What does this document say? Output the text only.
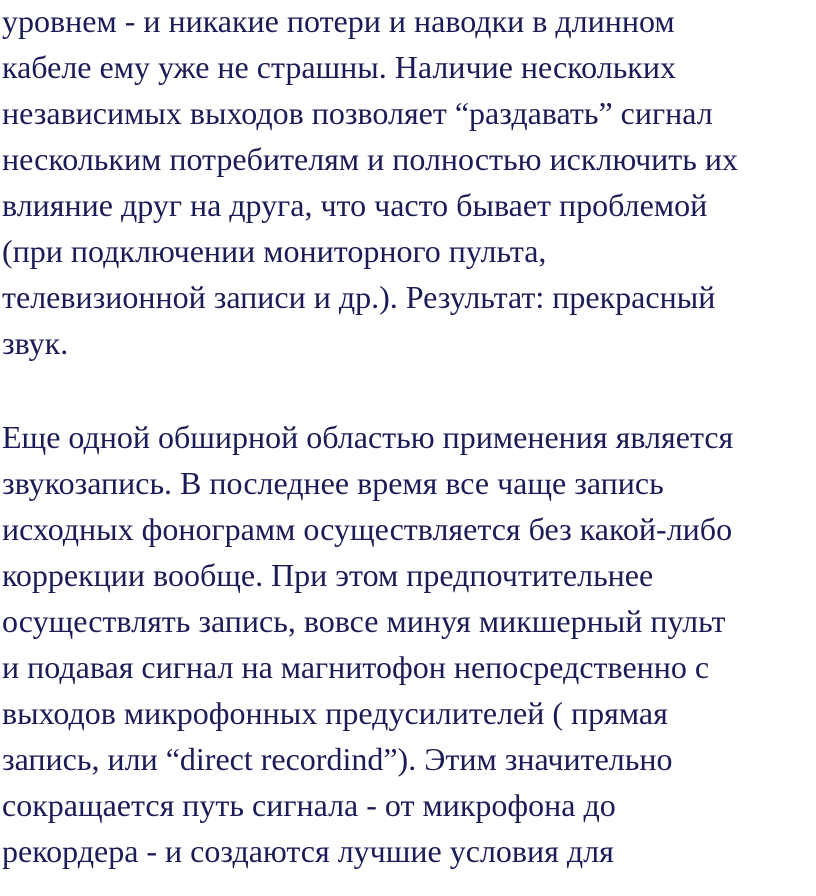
уровнем - и никакие потери и наводки в длинном
кабеле ему уже не страшны. Наличие нескольких
независимых выходов позволяет “раздавать” сигнал
нескольким потребителям и полностью исключить их
влияние друг на друга, что часто бывает проблемой
(при подключении мониторного пульта,
телевизионной записи и др.). Результат: прекрасный
звук.
Еще одной обширной областью применения является
звукозапись. В последнее время все чаще запись
исходных фонограмм осуществляется без какой-либо
коррекции вообще. При этом предпочтительнее
осуществлять запись, вовсе минуя микшерный пульт
и подавая сигнал на магнитофон непосредственно с
выходов микрофонных предусилителей ( прямая
запись, или “direct recordind”). Этим значительно
сокращается путь сигнала - от микрофона до
рекордера - и создаются лучшие условия для
